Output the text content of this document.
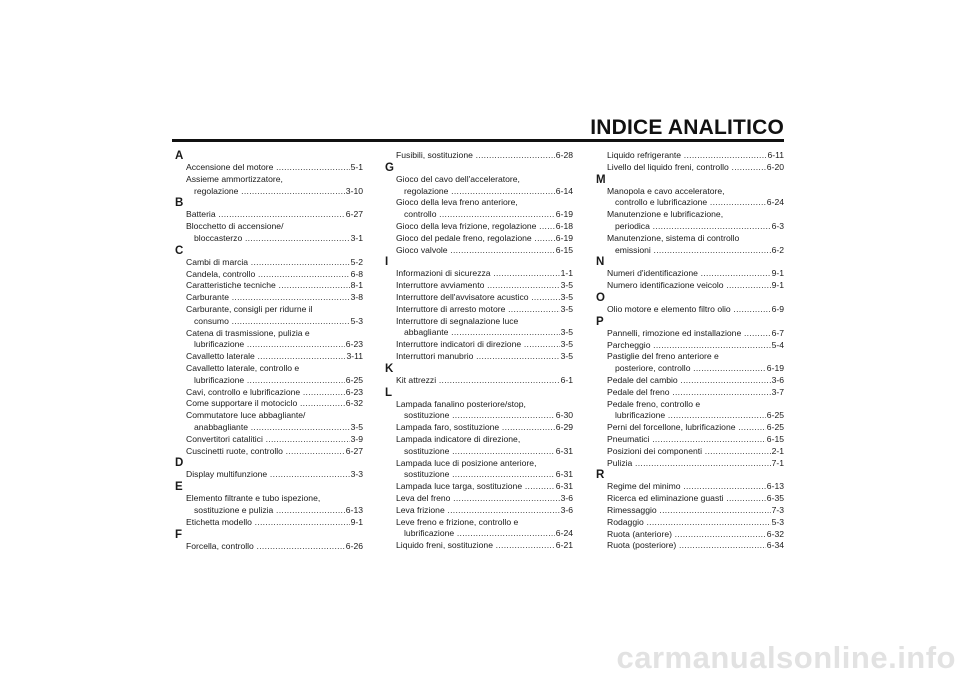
INDICE ANALITICO
A
Accensione del motore .....	5-1
Assieme ammortizzatore,
regolazione .....	3-10
B
Batteria .....	6-27
Blocchetto di accensione/
bloccasterzo .....	3-1
C
Cambi di marcia .....	5-2
Candela, controllo .....	6-8
Caratteristiche tecniche .....	8-1
Carburante .....	3-8
Carburante, consigli per ridurne il
consumo .....	5-3
Catena di trasmissione, pulizia e
lubrificazione .....	6-23
Cavalletto laterale .....	3-11
Cavalletto laterale, controllo e
lubrificazione .....	6-25
Cavi, controllo e lubrificazione .....	6-23
Come supportare il motociclo .....	6-32
Commutatore luce abbagliante/
anabbagliante .....	3-5
Convertitori catalitici .....	3-9
Cuscinetti ruote, controllo .....	6-27
D
Display multifunzione .....	3-3
E
Elemento filtrante e tubo ispezione,
sostituzione e pulizia .....	6-13
Etichetta modello .....	9-1
F
Forcella, controllo .....	6-26
Fusibili, sostituzione .....	6-28
G
Gioco del cavo dell'acceleratore,
regolazione .....	6-14
Gioco della leva freno anteriore,
controllo .....	6-19
Gioco della leva frizione, regolazione .....	6-18
Gioco del pedale freno, regolazione .....	6-19
Gioco valvole .....	6-15
I
Informazioni di sicurezza .....	1-1
Interruttore avviamento .....	3-5
Interruttore dell'avvisatore acustico .....	3-5
Interruttore di arresto motore .....	3-5
Interruttore di segnalazione luce
abbagliante .....	3-5
Interruttore indicatori di direzione .....	3-5
Interruttori manubrio .....	3-5
K
Kit attrezzi .....	6-1
L
Lampada fanalino posteriore/stop,
sostituzione .....	6-30
Lampada faro, sostituzione .....	6-29
Lampada indicatore di direzione,
sostituzione .....	6-31
Lampada luce di posizione anteriore,
sostituzione .....	6-31
Lampada luce targa, sostituzione .....	6-31
Leva del freno .....	3-6
Leva frizione .....	3-6
Leve freno e frizione, controllo e
lubrificazione .....	6-24
Liquido freni, sostituzione .....	6-21
Liquido refrigerante .....	6-11
Livello del liquido freni, controllo .....	6-20
M
Manopola e cavo acceleratore,
controllo e lubrificazione .....	6-24
Manutenzione e lubrificazione,
periodica .....	6-3
Manutenzione, sistema di controllo
emissioni .....	6-2
N
Numeri d'identificazione .....	9-1
Numero identificazione veicolo .....	9-1
O
Olio motore e elemento filtro olio .....	6-9
P
Pannelli, rimozione ed installazione .....	6-7
Parcheggio .....	5-4
Pastiglie del freno anteriore e
posteriore, controllo .....	6-19
Pedale del cambio .....	3-6
Pedale del freno .....	3-7
Pedale freno, controllo e
lubrificazione .....	6-25
Perni del forcellone, lubrificazione .....	6-25
Pneumatici .....	6-15
Posizioni dei componenti .....	2-1
Pulizia .....	7-1
R
Regime del minimo .....	6-13
Ricerca ed eliminazione guasti .....	6-35
Rimessaggio .....	7-3
Rodaggio .....	5-3
Ruota (anteriore) .....	6-32
Ruota (posteriore) .....	6-34
carmanualsonline.info
